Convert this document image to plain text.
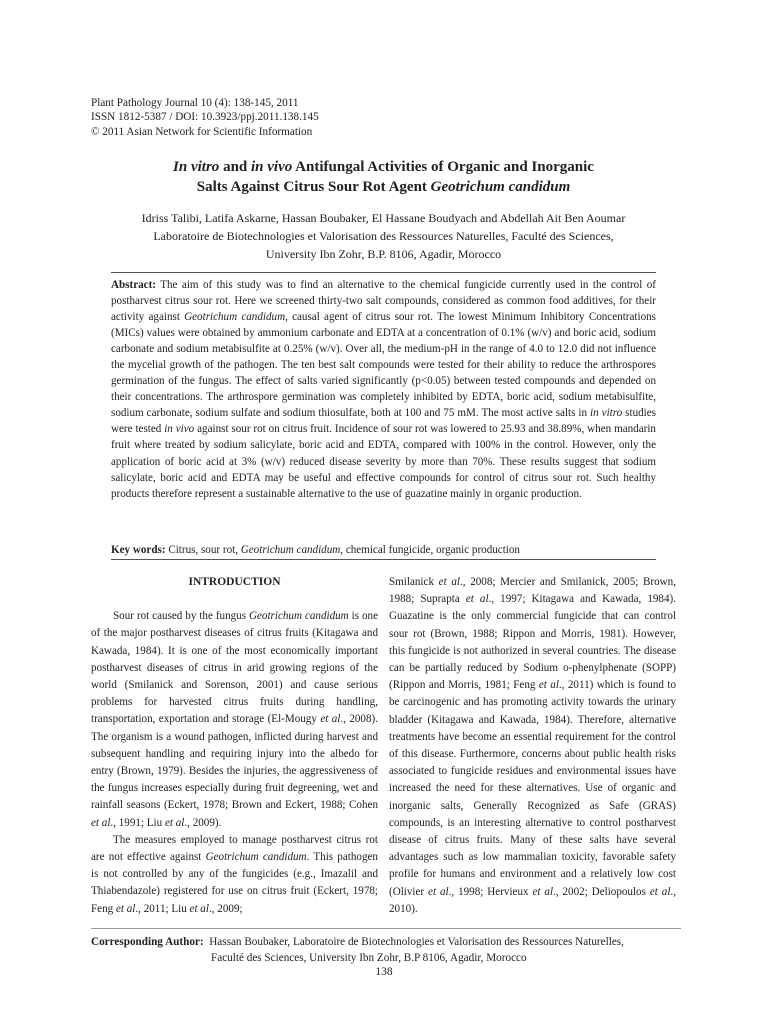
Plant Pathology Journal 10 (4): 138-145, 2011
ISSN 1812-5387 / DOI: 10.3923/ppj.2011.138.145
© 2011 Asian Network for Scientific Information
In vitro and in vivo Antifungal Activities of Organic and Inorganic
Salts Against Citrus Sour Rot Agent Geotrichum candidum
Idriss Talibi, Latifa Askarne, Hassan Boubaker, El Hassane Boudyach and Abdellah Ait Ben Aoumar
Laboratoire de Biotechnologies et Valorisation des Ressources Naturelles, Faculté des Sciences,
University Ibn Zohr, B.P. 8106, Agadir, Morocco
Abstract: The aim of this study was to find an alternative to the chemical fungicide currently used in the control of postharvest citrus sour rot. Here we screened thirty-two salt compounds, considered as common food additives, for their activity against Geotrichum candidum, causal agent of citrus sour rot. The lowest Minimum Inhibitory Concentrations (MICs) values were obtained by ammonium carbonate and EDTA at a concentration of 0.1% (w/v) and boric acid, sodium carbonate and sodium metabisulfite at 0.25% (w/v). Over all, the medium-pH in the range of 4.0 to 12.0 did not influence the mycelial growth of the pathogen. The ten best salt compounds were tested for their ability to reduce the arthrospores germination of the fungus. The effect of salts varied significantly (p<0.05) between tested compounds and depended on their concentrations. The arthrospore germination was completely inhibited by EDTA, boric acid, sodium metabisulfite, sodium carbonate, sodium sulfate and sodium thiosulfate, both at 100 and 75 mM. The most active salts in in vitro studies were tested in vivo against sour rot on citrus fruit. Incidence of sour rot was lowered to 25.93 and 38.89%, when mandarin fruit where treated by sodium salicylate, boric acid and EDTA, compared with 100% in the control. However, only the application of boric acid at 3% (w/v) reduced disease severity by more than 70%. These results suggest that sodium salicylate, boric acid and EDTA may be useful and effective compounds for control of citrus sour rot. Such healthy products therefore represent a sustainable alternative to the use of guazatine mainly in organic production.
Key words: Citrus, sour rot, Geotrichum candidum, chemical fungicide, organic production
INTRODUCTION

Sour rot caused by the fungus Geotrichum candidum is one of the major postharvest diseases of citrus fruits (Kitagawa and Kawada, 1984). It is one of the most economically important postharvest diseases of citrus in arid growing regions of the world (Smilanick and Sorenson, 2001) and cause serious problems for harvested citrus fruits during handling, transportation, exportation and storage (El-Mougy et al., 2008). The organism is a wound pathogen, inflicted during harvest and subsequent handling and requiring injury into the albedo for entry (Brown, 1979). Besides the injuries, the aggressiveness of the fungus increases especially during fruit degreening, wet and rainfall seasons (Eckert, 1978; Brown and Eckert, 1988; Cohen et al., 1991; Liu et al., 2009).

The measures employed to manage postharvest citrus rot are not effective against Geotrichum candidum. This pathogen is not controlled by any of the fungicides (e.g., Imazalil and Thiabendazole) registered for use on citrus fruit (Eckert, 1978; Feng et al., 2011; Liu et al., 2009;

Smilanick et al., 2008; Mercier and Smilanick, 2005; Brown, 1988; Suprapta et al., 1997; Kitagawa and Kawada, 1984). Guazatine is the only commercial fungicide that can control sour rot (Brown, 1988; Rippon and Morris, 1981). However, this fungicide is not authorized in several countries. The disease can be partially reduced by Sodium o-phenylphenate (SOPP) (Rippon and Morris, 1981; Feng et al., 2011) which is found to be carcinogenic and has promoting activity towards the urinary bladder (Kitagawa and Kawada, 1984). Therefore, alternative treatments have become an essential requirement for the control of this disease. Furthermore, concerns about public health risks associated to fungicide residues and environmental issues have increased the need for these alternatives. Use of organic and inorganic salts, Generally Recognized as Safe (GRAS) compounds, is an interesting alternative to control postharvest disease of citrus fruits. Many of these salts have several advantages such as low mammalian toxicity, favorable safety profile for humans and environment and a relatively low cost (Olivier et al., 1998; Hervieux et al., 2002; Deliopoulos et al., 2010).

Corresponding Author:  Hassan Boubaker, Laboratoire de Biotechnologies et Valorisation des Ressources Naturelles,
Faculté des Sciences, University Ibn Zohr, B.P 8106, Agadir, Morocco
138
